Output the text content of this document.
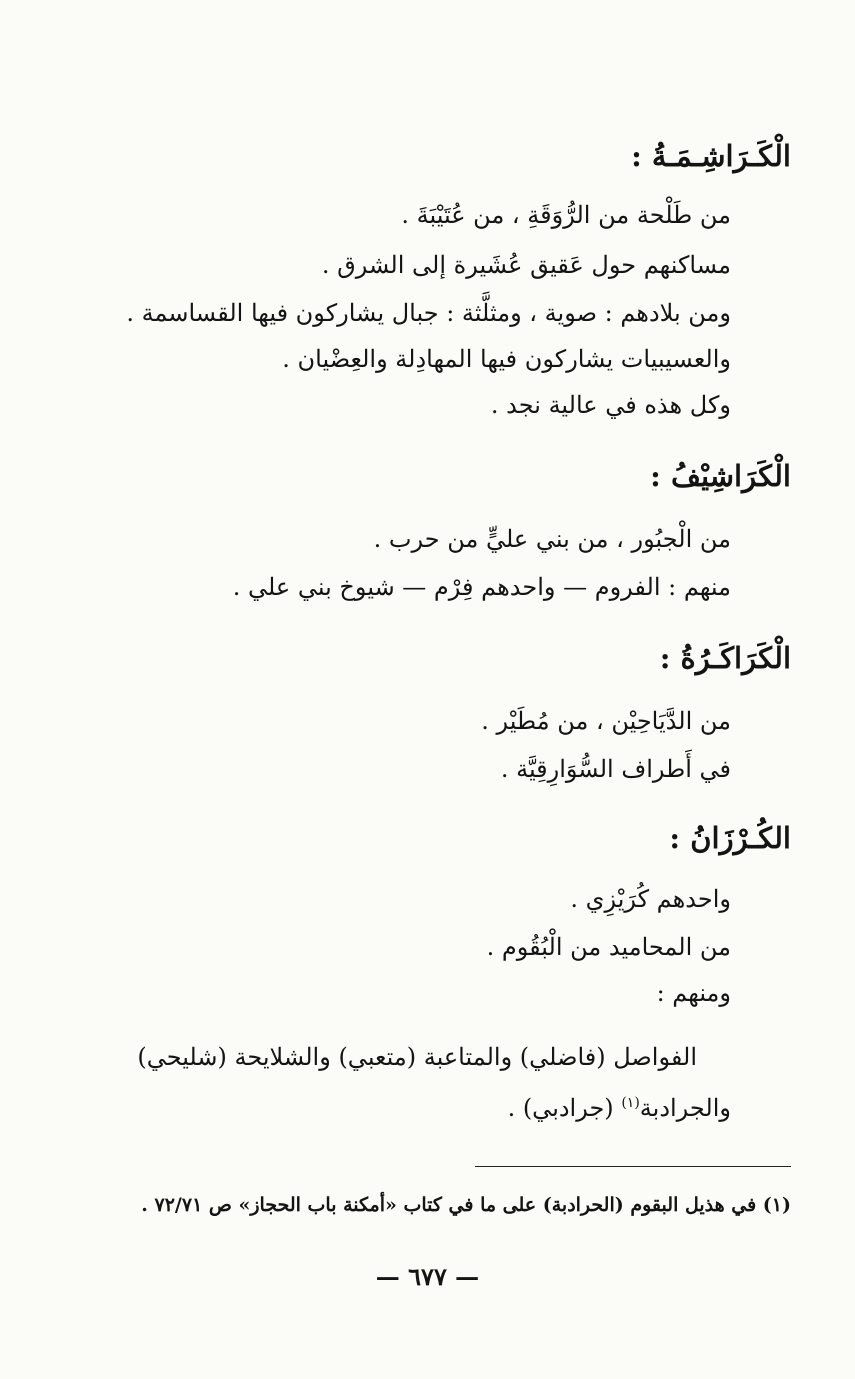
الْكَـرَاشِـمَـةُ :
من طَلْحة من الرُّوَقَةِ ، من عُتَيْبَةَ .
مساكنهم حول عَقيق عُشَيرة إلى الشرق .
ومن بلادهم : صوية ، ومثلَّثة : جبال يشاركون فيها القساسمة .
والعسيبيات يشاركون فيها المهادِلة والعِضْيان .
وكل هذه في عالية نجد .
الْكَرَاشِيْفُ :
من الْجبُور ، من بني عليٍّ من حرب .
منهم : الفروم — واحدهم فِرْم — شيوخ بني علي .
الْكَرَاكَـرُةُ :
من الدَّيَاحِيْن ، من مُطَيْر .
في أَطراف السُّوَارِقِيَّة .
الكُـرْزَانُ :
واحدهم كُرَيْزِي .
من المحاميد من الْبُقُوم .
ومنهم :
الفواصل (فاضلي) والمتاعبة (متعبي) والشلايحة (شليحي)
والجرادبة$^{(١)}$ (جرادبي) .
(١) في هذيل البقوم (الحرادبة) على ما في كتاب «أمكنة باب الحجاز» ص ٧٢/٧١ .
— ٦٧٧ —
